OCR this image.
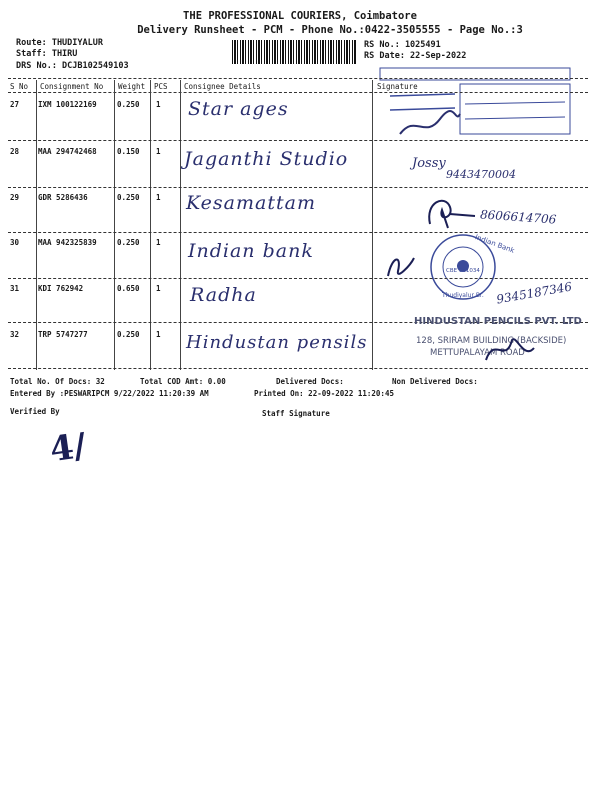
THE PROFESSIONAL COURIERS, Coimbatore
Delivery Runsheet - PCM - Phone No.:0422-3505555 - Page No.:3
Route: THUDIYALUR
Staff: THIRU
DRS No.: DCJB102549103
RS No.: 1025491
RS Date: 22-Sep-2022
S No Consignment No Weight PCS Consignee Details	Signature
27	IXM 100122169	0.250 1 Star ages
28	MAA 294742468	0.150 1 Jaganthi Studio	Jossy
9443470004
29	GDR 5286436	0.250 1 Kesamattam
8606614706
30	MAA 942325839	0.250 1 Indian bank	Indian Bank
CBE 641034
Thudiyalur Br.
31	KDI 762942	0.650 1 Radha	9345187346
32	TRP 5747277	0.250 1 Hindustan pensils
HINDUSTAN PENCILS PVT. LTD
128, SRIRAM BUILDING (BACKSIDE)
METTUPALAYAM ROAD
Total No. Of Docs: 32	Total COD Amt: 0.00	Delivered Docs:	Non Delivered Docs:
Entered By :PESWARIPCM 9/22/2022 11:20:39 AM	Printed On: 22-09-2022 11:20:45
Verified By	Staff Signature
4/
